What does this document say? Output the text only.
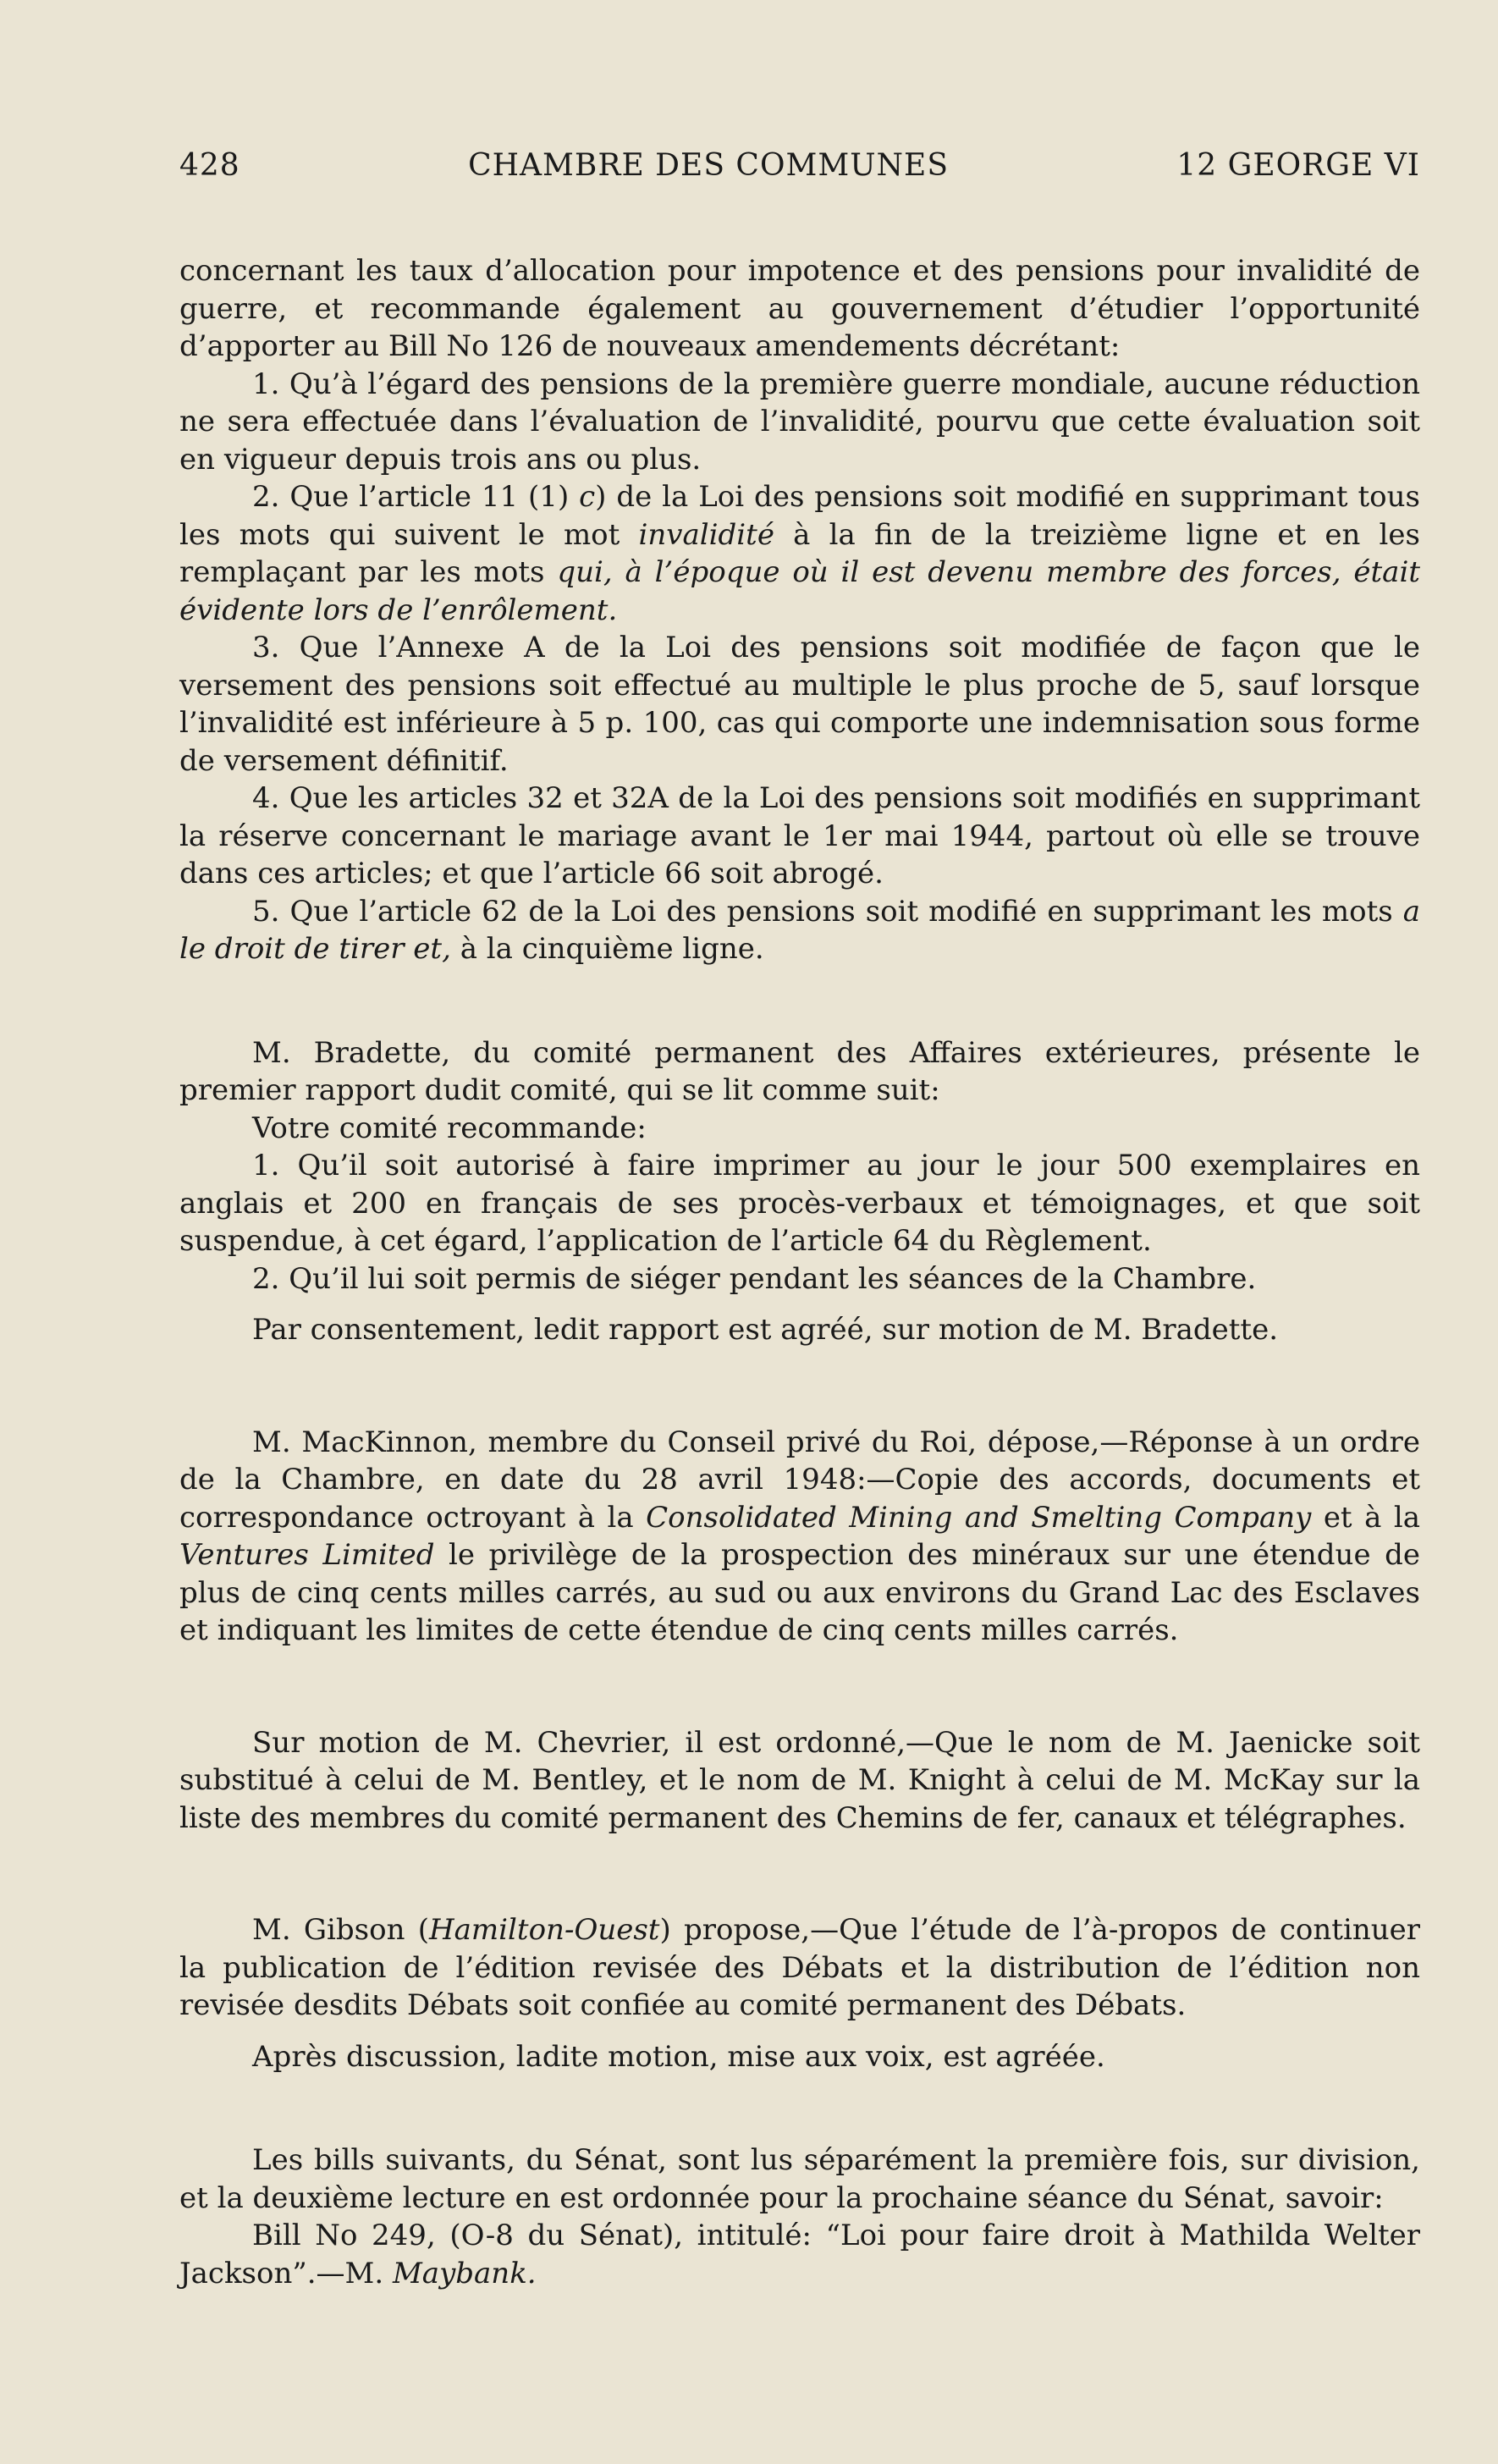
428	CHAMBRE DES COMMUNES	12 GEORGE VI

concernant les taux d’allocation pour impotence et des pensions pour invalidité de guerre, et recommande également au gouvernement d’étudier l’opportunité d’apporter au Bill No 126 de nouveaux amendements décrétant:

1. Qu’à l’égard des pensions de la première guerre mondiale, aucune réduction ne sera effectuée dans l’évaluation de l’invalidité, pourvu que cette évaluation soit en vigueur depuis trois ans ou plus.

2. Que l’article 11 (1) c) de la Loi des pensions soit modifié en supprimant tous les mots qui suivent le mot invalidité à la fin de la treizième ligne et en les remplaçant par les mots qui, à l’époque où il est devenu membre des forces, était évidente lors de l’enrôlement.

3. Que l’Annexe A de la Loi des pensions soit modifiée de façon que le versement des pensions soit effectué au multiple le plus proche de 5, sauf lorsque l’invalidité est inférieure à 5 p. 100, cas qui comporte une indemnisation sous forme de versement définitif.

4. Que les articles 32 et 32A de la Loi des pensions soit modifiés en supprimant la réserve concernant le mariage avant le 1er mai 1944, partout où elle se trouve dans ces articles; et que l’article 66 soit abrogé.

5. Que l’article 62 de la Loi des pensions soit modifié en supprimant les mots a le droit de tirer et, à la cinquième ligne.

M. Bradette, du comité permanent des Affaires extérieures, présente le premier rapport dudit comité, qui se lit comme suit:

Votre comité recommande:

1. Qu’il soit autorisé à faire imprimer au jour le jour 500 exemplaires en anglais et 200 en français de ses procès-verbaux et témoignages, et que soit suspendue, à cet égard, l’application de l’article 64 du Règlement.

2. Qu’il lui soit permis de siéger pendant les séances de la Chambre.

Par consentement, ledit rapport est agréé, sur motion de M. Bradette.

M. MacKinnon, membre du Conseil privé du Roi, dépose,—Réponse à un ordre de la Chambre, en date du 28 avril 1948:—Copie des accords, documents et correspondance octroyant à la Consolidated Mining and Smelting Company et à la Ventures Limited le privilège de la prospection des minéraux sur une étendue de plus de cinq cents milles carrés, au sud ou aux environs du Grand Lac des Esclaves et indiquant les limites de cette étendue de cinq cents milles carrés.

Sur motion de M. Chevrier, il est ordonné,—Que le nom de M. Jaenicke soit substitué à celui de M. Bentley, et le nom de M. Knight à celui de M. McKay sur la liste des membres du comité permanent des Chemins de fer, canaux et télégraphes.

M. Gibson (Hamilton-Ouest) propose,—Que l’étude de l’à-propos de continuer la publication de l’édition revisée des Débats et la distribution de l’édition non revisée desdits Débats soit confiée au comité permanent des Débats.

Après discussion, ladite motion, mise aux voix, est agréée.

Les bills suivants, du Sénat, sont lus séparément la première fois, sur division, et la deuxième lecture en est ordonnée pour la prochaine séance du Sénat, savoir:

Bill No 249, (O-8 du Sénat), intitulé: “Loi pour faire droit à Mathilda Welter Jackson”.—M. Maybank.
